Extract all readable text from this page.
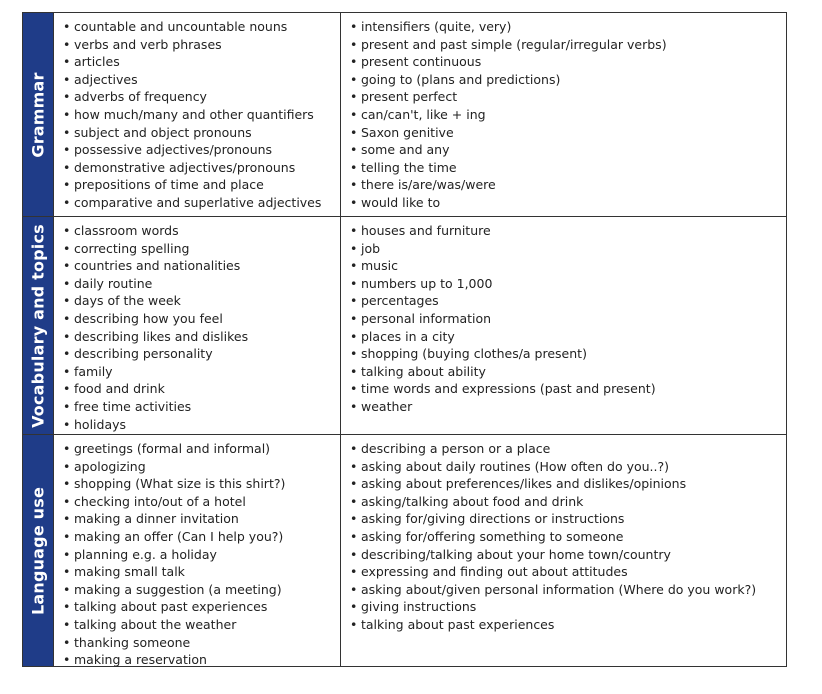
Grammar
• countable and uncountable nouns
• verbs and verb phrases
• articles
• adjectives
• adverbs of frequency
• how much/many and other quantifiers
• subject and object pronouns
• possessive adjectives/pronouns
• demonstrative adjectives/pronouns
• prepositions of time and place
• comparative and superlative adjectives
• intensifiers (quite, very)
• present and past simple (regular/irregular verbs)
• present continuous
• going to (plans and predictions)
• present perfect
• can/can't, like + ing
• Saxon genitive
• some and any
• telling the time
• there is/are/was/were
• would like to
Vocabulary and topics
•	classroom words
• correcting spelling
• countries and nationalities
• daily routine
• days of the week
• describing how you feel
• describing likes and dislikes
• describing personality
• family
• food and drink
• free time activities
• holidays
• houses and furniture
• job
• music
• numbers up to 1,000
• percentages
• personal information
• places in a city
• shopping (buying clothes/a present)
• talking about ability
• time words and expressions (past and present)
• weather
Language use
• greetings (formal and informal)
• apologizing
• shopping (What size is this shirt?)
• checking into/out of a hotel
• making a dinner invitation
• making an offer (Can I help you?)
• planning e.g. a holiday
• making small talk
• making a suggestion (a meeting)
• talking about past experiences
• talking about the weather
• thanking someone
• making a reservation
• describing a person or a place
• asking about daily routines (How often do you..?)
• asking about preferences/likes and dislikes/opinions
• asking/talking about food and drink
• asking for/giving directions or instructions
• asking for/offering something to someone
• describing/talking about your home town/country
• expressing and finding out about attitudes
• asking about/given personal information (Where do you work?)
• giving instructions
• talking about past experiences
